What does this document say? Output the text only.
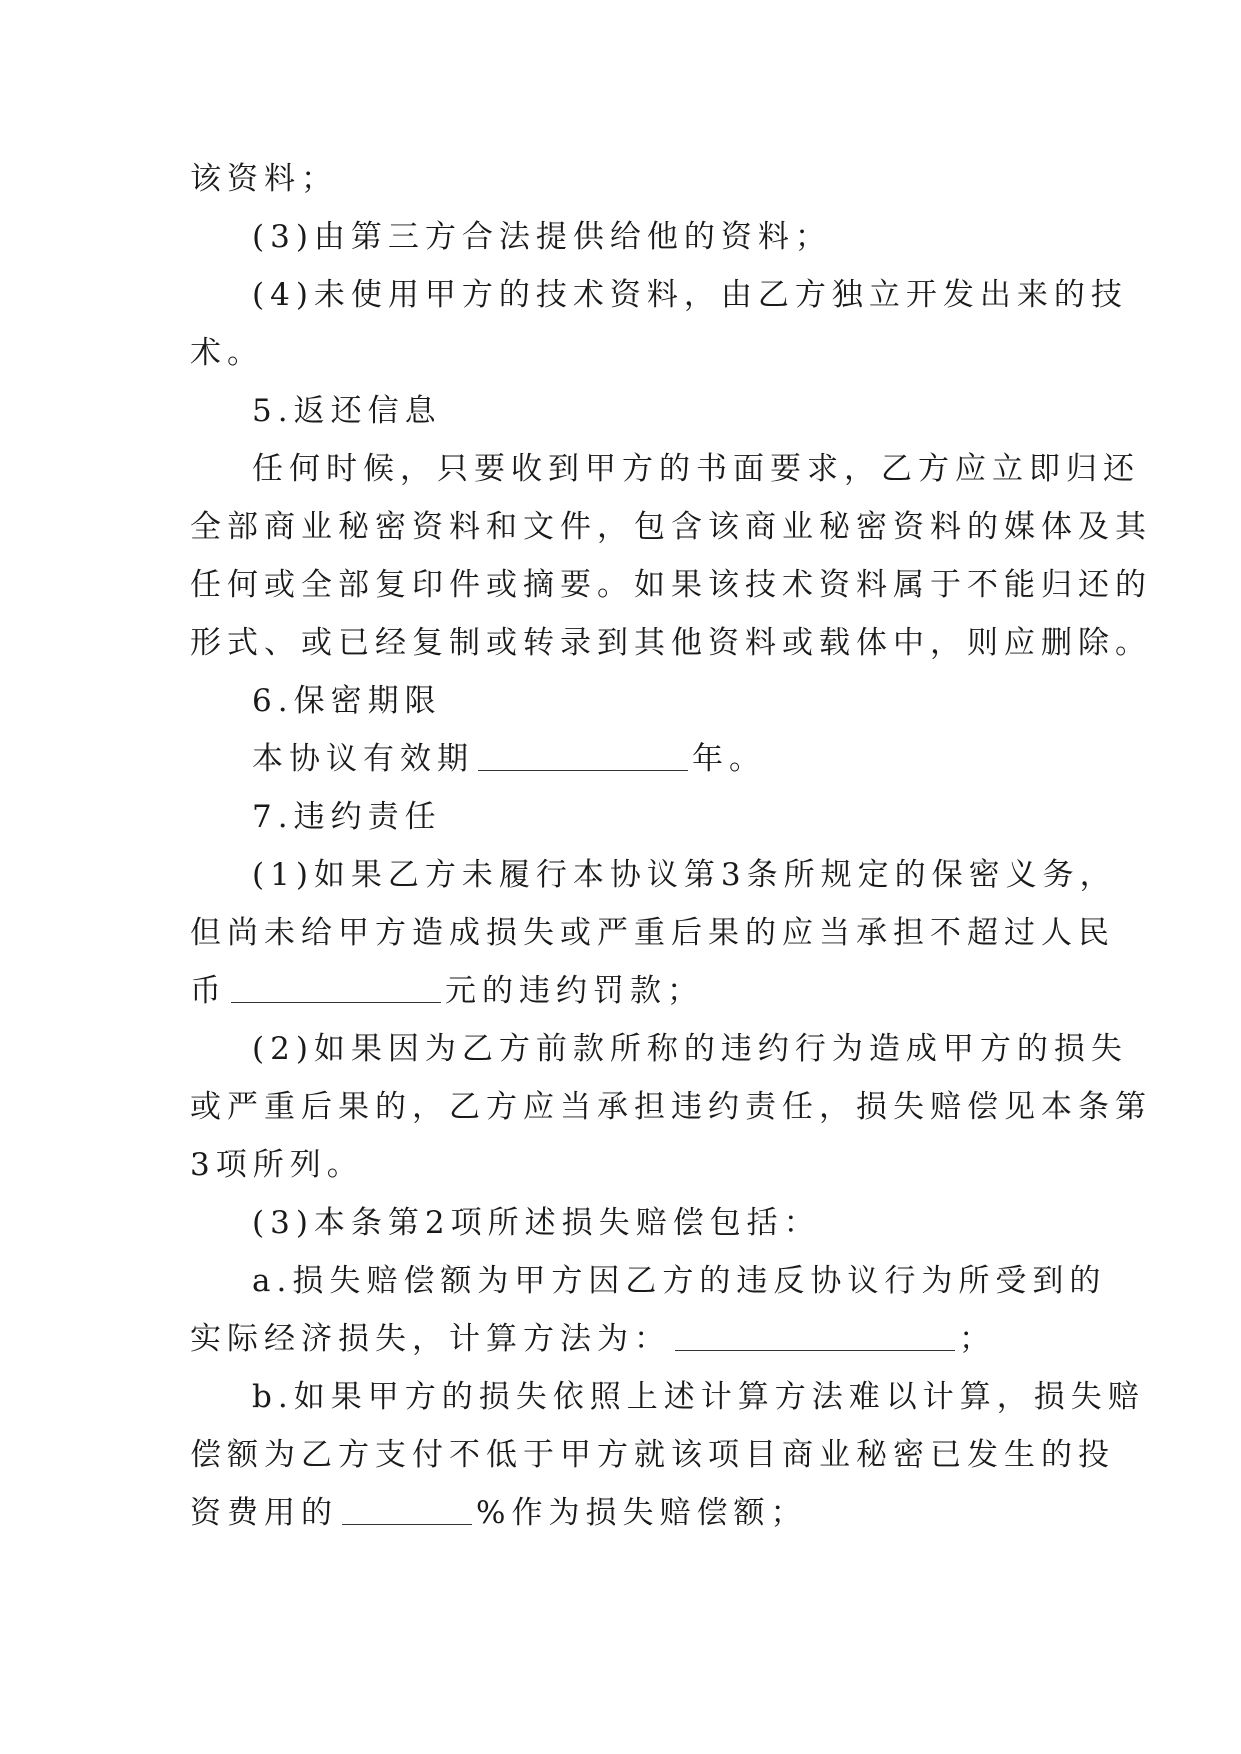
该资料；
(3)由第三方合法提供给他的资料；
(4)未使用甲方的技术资料，由乙方独立开发出来的技
术。
5.返还信息
任何时候，只要收到甲方的书面要求，乙方应立即归还
全部商业秘密资料和文件，包含该商业秘密资料的媒体及其
任何或全部复印件或摘要。如果该技术资料属于不能归还的
形式、或已经复制或转录到其他资料或载体中，则应删除。
6.保密期限
本协议有效期	年。
7.违约责任
(1)如果乙方未履行本协议第3条所规定的保密义务，
但尚未给甲方造成损失或严重后果的应当承担不超过人民
币	元的违约罚款；
(2)如果因为乙方前款所称的违约行为造成甲方的损失
或严重后果的，乙方应当承担违约责任，损失赔偿见本条第
3项所列。
(3)本条第2项所述损失赔偿包括：
a.损失赔偿额为甲方因乙方的违反协议行为所受到的
实际经济损失，计算方法为：	；
b.如果甲方的损失依照上述计算方法难以计算，损失赔
偿额为乙方支付不低于甲方就该项目商业秘密已发生的投
资费用的	%作为损失赔偿额；
